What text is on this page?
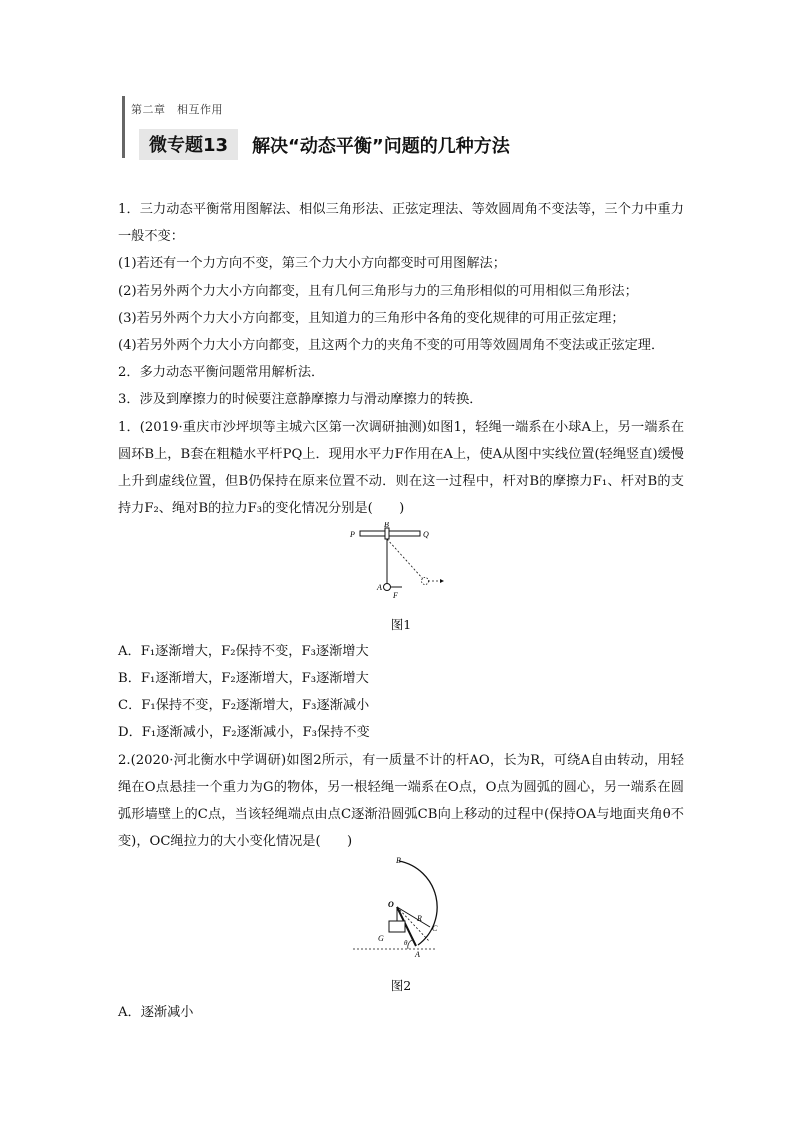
第二章　相互作用
微专题13	解决“动态平衡”问题的几种方法

1．三力动态平衡常用图解法、相似三角形法、正弦定理法、等效圆周角不变法等，三个力中重力一般不变：

(1)若还有一个力方向不变，第三个力大小方向都变时可用图解法；

(2)若另外两个力大小方向都变，且有几何三角形与力的三角形相似的可用相似三角形法；

(3)若另外两个力大小方向都变，且知道力的三角形中各角的变化规律的可用正弦定理；

(4)若另外两个力大小方向都变，且这两个力的夹角不变的可用等效圆周角不变法或正弦定理．

2．多力动态平衡问题常用解析法．

3．涉及到摩擦力的时候要注意静摩擦力与滑动摩擦力的转换．

1．(2019·重庆市沙坪坝等主城六区第一次调研抽测)如图1，轻绳一端系在小球A上，另一端系在圆环B上，B套在粗糙水平杆PQ上．现用水平力F作用在A上，使A从图中实线位置(轻绳竖直)缓慢上升到虚线位置，但B仍保持在原来位置不动．则在这一过程中，杆对B的摩擦力F₁、杆对B的支持力F₂、绳对B的拉力F₃的变化情况分别是(　　)

P
B
Q
A
F
图1

A．F₁逐渐增大，F₂保持不变，F₃逐渐增大

B．F₁逐渐增大，F₂逐渐增大，F₃逐渐增大

C．F₁保持不变，F₂逐渐增大，F₃逐渐减小

D．F₁逐渐减小，F₂逐渐减小，F₃保持不变

2.(2020·河北衡水中学调研)如图2所示，有一质量不计的杆AO，长为R，可绕A自由转动，用轻绳在O点悬挂一个重力为G的物体，另一根轻绳一端系在O点，O点为圆弧的圆心，另一端系在圆弧形墙壁上的C点，当该轻绳端点由点C逐渐沿圆弧CB向上移动的过程中(保持OA与地面夹角θ不变)，OC绳拉力的大小变化情况是(　　)

B
O
R
C
G	θ
A
图2

A．逐渐减小
